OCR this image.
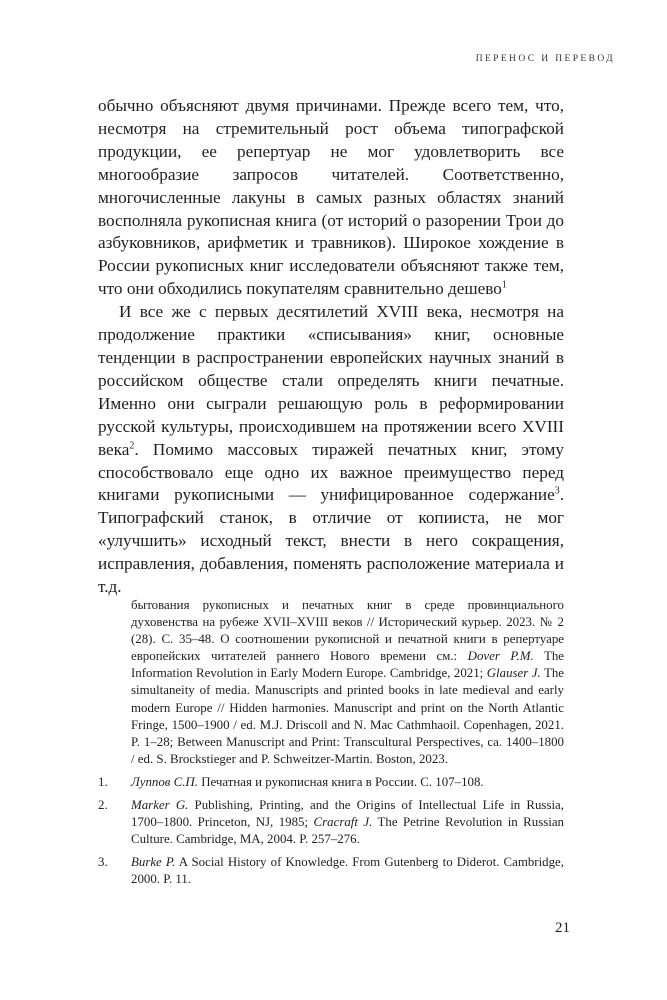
ПЕРЕНОС И ПЕРЕВОД

обычно объясняют двумя причинами. Прежде всего тем, что, несмотря на стремительный рост объема типографской продукции, ее репертуар не мог удовлетворить все многообразие запросов читателей. Соответственно, многочисленные лакуны в самых разных областях знаний восполняла рукописная книга (от историй о разорении Трои до азбуковников, арифметик и травников). Широкое хождение в России рукописных книг исследователи объясняют также тем, что они обходились покупателям сравнительно дешево$^1$

И все же с первых десятилетий XVIII века, несмотря на продолжение практики «списывания» книг, основные тенденции в распространении европейских научных знаний в российском обществе стали определять книги печатные. Именно они сыграли решающую роль в реформировании русской культуры, происходившем на протяжении всего XVIII века$^2$. Помимо массовых тиражей печатных книг, этому способствовало еще одно их важное преимущество перед книгами рукописными — унифицированное содержание$^3$. Типографский станок, в отличие от копииста, не мог «улучшить» исходный текст, внести в него сокращения, исправления, добавления, поменять расположение материала и т.д.

бытования рукописных и печатных книг в среде провинциального духовенства на рубеже XVII–XVIII веков // Исторический курьер. 2023. № 2 (28). С. 35–48. О соотношении рукописной и печатной книги в репертуаре европейских читателей раннего Нового времени см.: Dover P.M. The Information Revolution in Early Modern Europe. Cambridge, 2021; Glauser J. The simultaneity of media. Manuscripts and printed books in late medieval and early modern Europe // Hidden harmonies. Manuscript and print on the North Atlantic Fringe, 1500–1900 / ed. M.J. Driscoll and N. Mac Cathmhaoil. Copenhagen, 2021. P. 1–28; Between Manuscript and Print: Transcultural Perspectives, ca. 1400–1800 / ed. S. Brockstieger and P. Schweitzer-Martin. Boston, 2023.
1. Луппов С.П. Печатная и рукописная книга в России. С. 107–108.
2. Marker G. Publishing, Printing, and the Origins of Intellectual Life in Russia, 1700–1800. Princeton, NJ, 1985; Cracraft J. The Petrine Revolution in Russian Culture. Cambridge, MA, 2004. P. 257–276.
3. Burke P. A Social History of Knowledge. From Gutenberg to Diderot. Cambridge, 2000. P. 11.
21
